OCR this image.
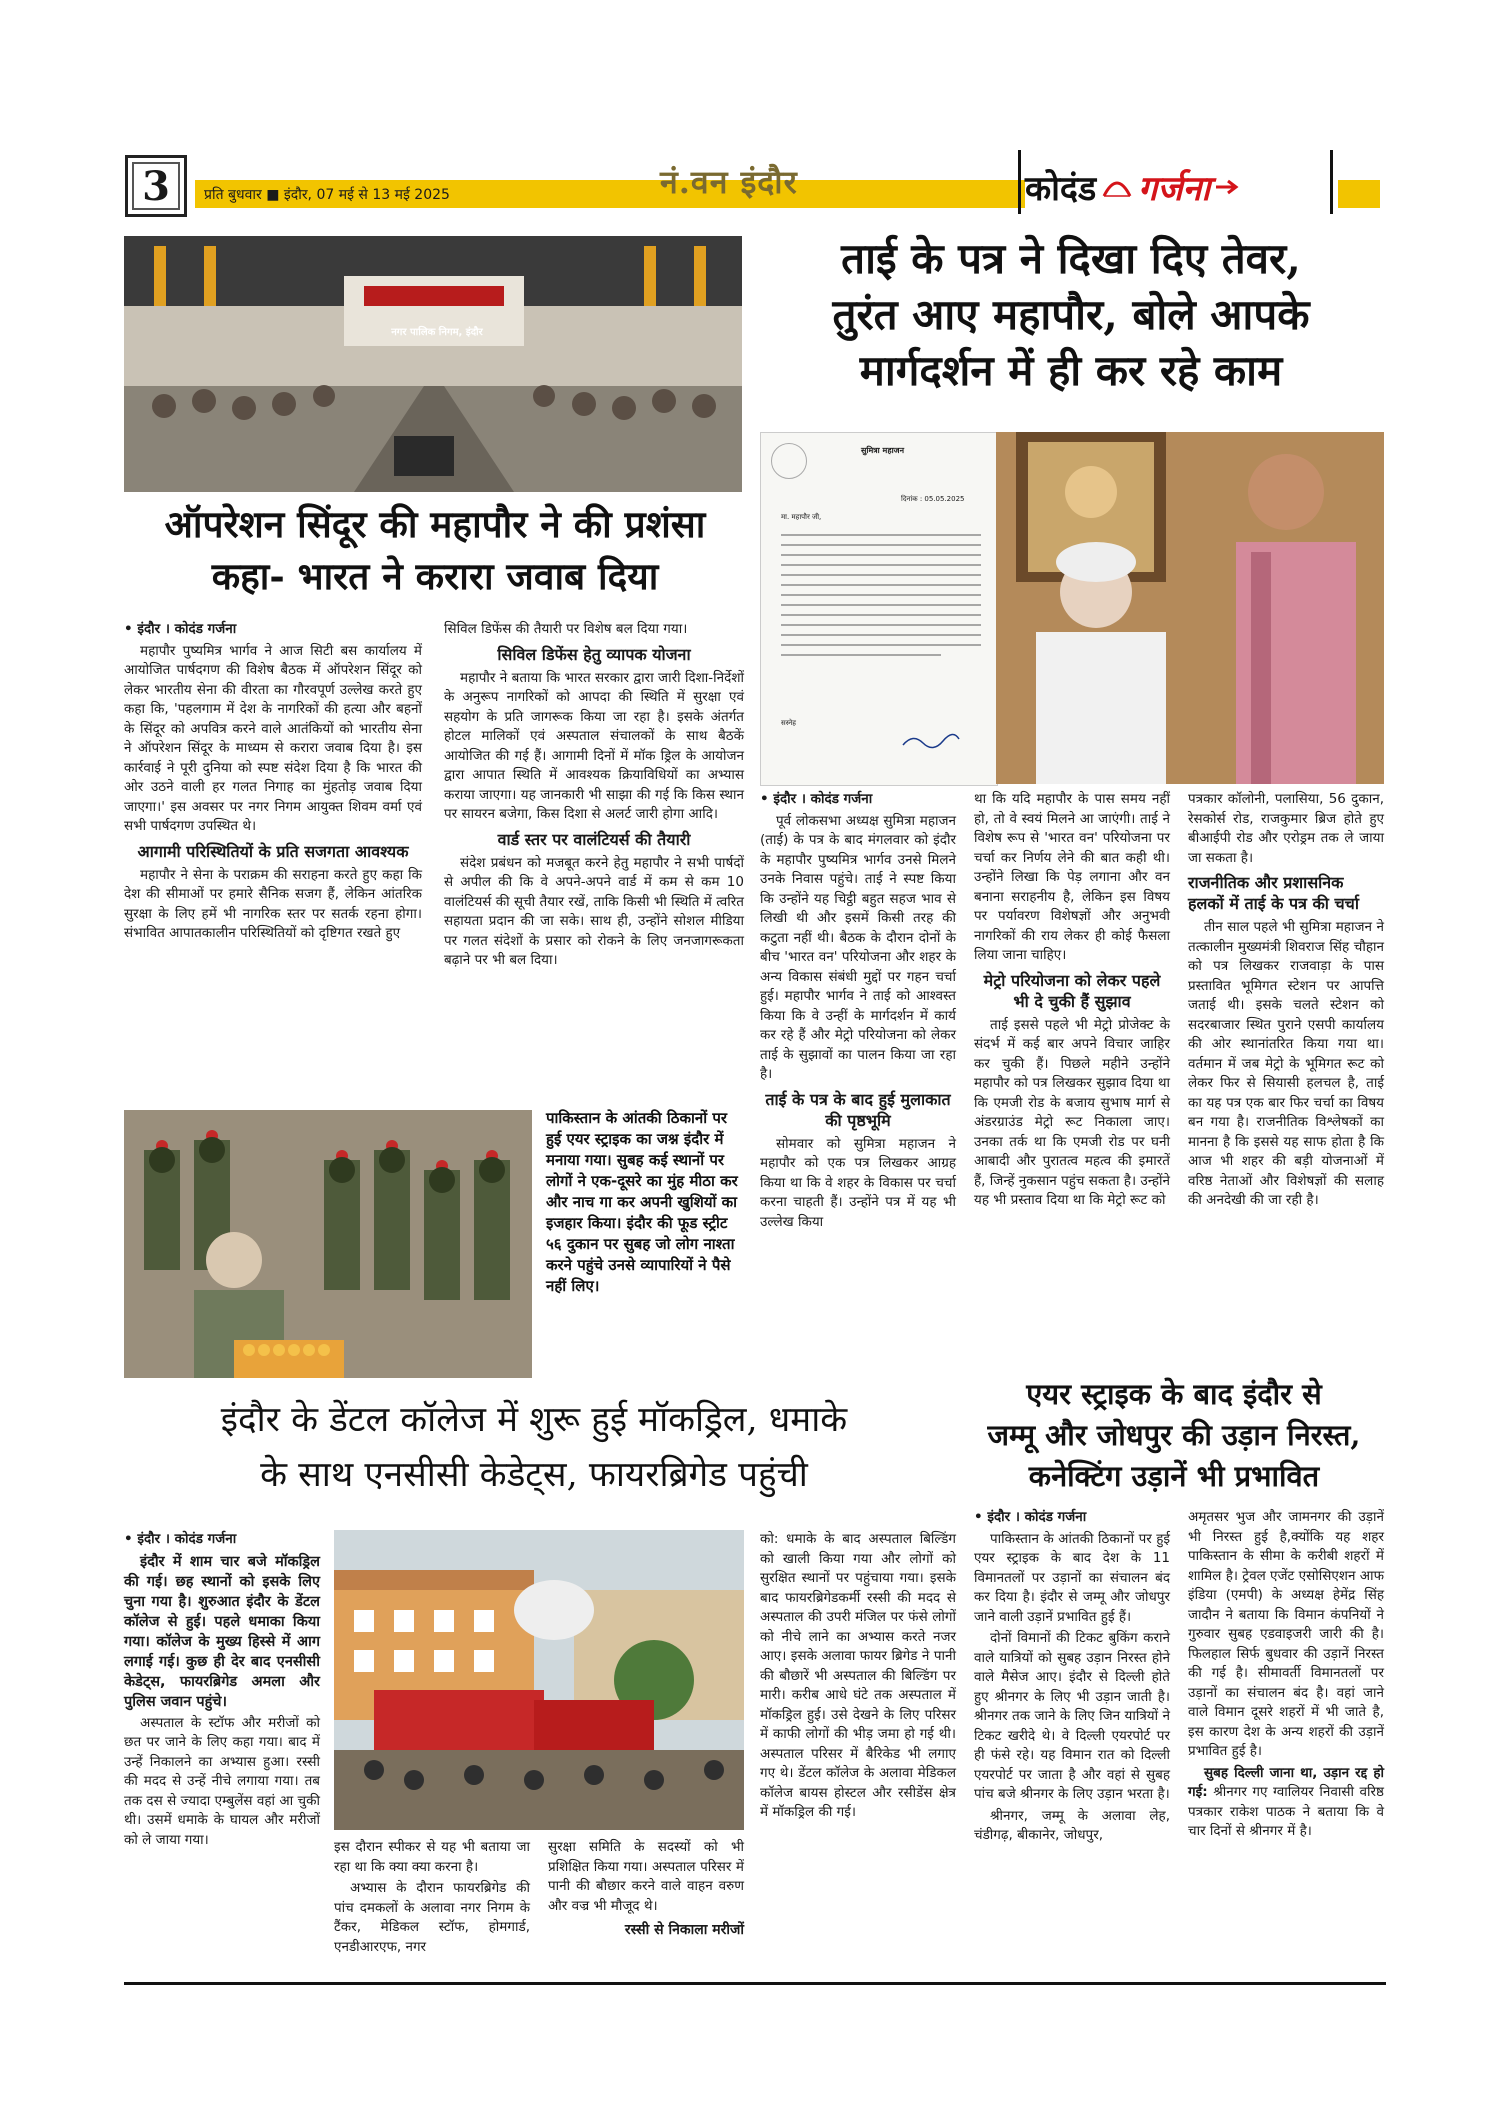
3	प्रति बुधवार ■ इंदौर, 07 मई से 13 मई 2025	नं.वन इंदौर	कोदंड गर्जना
नगर पालिक निगम, इंदौर
ऑपरेशन सिंदूर की महापौर ने की प्रशंसा
कहा- भारत ने करारा जवाब दिया

• इंदौर । कोदंड गर्जना

महापौर पुष्यमित्र भार्गव ने आज सिटी बस कार्यालय में आयोजित पार्षदगण की विशेष बैठक में ऑपरेशन सिंदूर को लेकर भारतीय सेना की वीरता का गौरवपूर्ण उल्लेख करते हुए कहा कि, 'पहलगाम में देश के नागरिकों की हत्या और बहनों के सिंदूर को अपवित्र करने वाले आतंकियों को भारतीय सेना ने ऑपरेशन सिंदूर के माध्यम से करारा जवाब दिया है। इस कार्रवाई ने पूरी दुनिया को स्पष्ट संदेश दिया है कि भारत की ओर उठने वाली हर गलत निगाह का मुंहतोड़ जवाब दिया जाएगा।' इस अवसर पर नगर निगम आयुक्त शिवम वर्मा एवं सभी पार्षदगण उपस्थित थे।

आगामी परिस्थितियों के प्रति सजगता आवश्यक

महापौर ने सेना के पराक्रम की सराहना करते हुए कहा कि देश की सीमाओं पर हमारे सैनिक सजग हैं, लेकिन आंतरिक सुरक्षा के लिए हमें भी नागरिक स्तर पर सतर्क रहना होगा। संभावित आपातकालीन परिस्थितियों को दृष्टिगत रखते हुए

सिविल डिफेंस की तैयारी पर विशेष बल दिया गया।

सिविल डिफेंस हेतु व्यापक योजना

महापौर ने बताया कि भारत सरकार द्वारा जारी दिशा-निर्देशों के अनुरूप नागरिकों को आपदा की स्थिति में सुरक्षा एवं सहयोग के प्रति जागरूक किया जा रहा है। इसके अंतर्गत होटल मालिकों एवं अस्पताल संचालकों के साथ बैठकें आयोजित की गई हैं। आगामी दिनों में मॉक ड्रिल के आयोजन द्वारा आपात स्थिति में आवश्यक क्रियाविधियों का अभ्यास कराया जाएगा। यह जानकारी भी साझा की गई कि किस स्थान पर सायरन बजेगा, किस दिशा से अलर्ट जारी होगा आदि।

वार्ड स्तर पर वालंटियर्स की तैयारी

संदेश प्रबंधन को मजबूत करने हेतु महापौर ने सभी पार्षदों से अपील की कि वे अपने-अपने वार्ड में कम से कम 10 वालंटियर्स की सूची तैयार रखें, ताकि किसी भी स्थिति में त्वरित सहायता प्रदान की जा सके। साथ ही, उन्होंने सोशल मीडिया पर गलत संदेशों के प्रसार को रोकने के लिए जनजागरूकता बढ़ाने पर भी बल दिया।

पाकिस्तान के आंतकी ठिकानों पर हुई एयर स्ट्राइक का जश्न इंदौर में मनाया गया। सुबह कई स्थानों पर लोगों ने एक-दूसरे का मुंह मीठा कर और नाच गा कर अपनी खुशियों का इजहार किया। इंदौर की फूड स्ट्रीट ५६ दुकान पर सुबह जो लोग नाश्ता करने पहुंचे उनसे व्यापारियों ने पैसे नहीं लिए।
ताई के पत्र ने दिखा दिए तेवर,
तुरंत आए महापौर, बोले आपके
मार्गदर्शन में ही कर रहे काम
सुमित्रा महाजन
दिनांक : 05.05.2025
मा. महापौर जी,
सस्नेह

• इंदौर । कोदंड गर्जना

पूर्व लोकसभा अध्यक्ष सुमित्रा महाजन (ताई) के पत्र के बाद मंगलवार को इंदौर के महापौर पुष्यमित्र भार्गव उनसे मिलने उनके निवास पहुंचे। ताई ने स्पष्ट किया कि उन्होंने यह चिट्ठी बहुत सहज भाव से लिखी थी और इसमें किसी तरह की कटुता नहीं थी। बैठक के दौरान दोनों के बीच 'भारत वन' परियोजना और शहर के अन्य विकास संबंधी मुद्दों पर गहन चर्चा हुई। महापौर भार्गव ने ताई को आश्वस्त किया कि वे उन्हीं के मार्गदर्शन में कार्य कर रहे हैं और मेट्रो परियोजना को लेकर ताई के सुझावों का पालन किया जा रहा है।

ताई के पत्र के बाद हुई मुलाकात की पृष्ठभूमि

सोमवार को सुमित्रा महाजन ने महापौर को एक पत्र लिखकर आग्रह किया था कि वे शहर के विकास पर चर्चा करना चाहती हैं। उन्होंने पत्र में यह भी उल्लेख किया

था कि यदि महापौर के पास समय नहीं हो, तो वे स्वयं मिलने आ जाएंगी। ताई ने विशेष रूप से 'भारत वन' परियोजना पर चर्चा कर निर्णय लेने की बात कही थी। उन्होंने लिखा कि पेड़ लगाना और वन बनाना सराहनीय है, लेकिन इस विषय पर पर्यावरण विशेषज्ञों और अनुभवी नागरिकों की राय लेकर ही कोई फैसला लिया जाना चाहिए।

मेट्रो परियोजना को लेकर पहले भी दे चुकी हैं सुझाव

ताई इससे पहले भी मेट्रो प्रोजेक्ट के संदर्भ में कई बार अपने विचार जाहिर कर चुकी हैं। पिछले महीने उन्होंने महापौर को पत्र लिखकर सुझाव दिया था कि एमजी रोड के बजाय सुभाष मार्ग से अंडरग्राउंड मेट्रो रूट निकाला जाए। उनका तर्क था कि एमजी रोड पर घनी आबादी और पुरातत्व महत्व की इमारतें हैं, जिन्हें नुकसान पहुंच सकता है। उन्होंने यह भी प्रस्ताव दिया था कि मेट्रो रूट को

पत्रकार कॉलोनी, पलासिया, 56 दुकान, रेसकोर्स रोड, राजकुमार ब्रिज होते हुए बीआईपी रोड और एरोड्रम तक ले जाया जा सकता है।

राजनीतिक और प्रशासनिक हलकों में ताई के पत्र की चर्चा

तीन साल पहले भी सुमित्रा महाजन ने तत्कालीन मुख्यमंत्री शिवराज सिंह चौहान को पत्र लिखकर राजवाड़ा के पास प्रस्तावित भूमिगत स्टेशन पर आपत्ति जताई थी। इसके चलते स्टेशन को सदरबाजार स्थित पुराने एसपी कार्यालय की ओर स्थानांतरित किया गया था। वर्तमान में जब मेट्रो के भूमिगत रूट को लेकर फिर से सियासी हलचल है, ताई का यह पत्र एक बार फिर चर्चा का विषय बन गया है। राजनीतिक विश्लेषकों का मानना है कि इससे यह साफ होता है कि आज भी शहर की बड़ी योजनाओं में वरिष्ठ नेताओं और विशेषज्ञों की सलाह की अनदेखी की जा रही है।

इंदौर के डेंटल कॉलेज में शुरू हुई मॉकड्रिल, धमाके
के साथ एनसीसी केडेट्स, फायरब्रिगेड पहुंची

• इंदौर । कोदंड गर्जना

इंदौर में शाम चार बजे मॉकड्रिल की गई। छह स्थानों को इसके लिए चुना गया है। शुरुआत इंदौर के डेंटल कॉलेज से हुई। पहले धमाका किया गया। कॉलेज के मुख्य हिस्से में आग लगाई गई। कुछ ही देर बाद एनसीसी केडेट्स, फायरब्रिगेड अमला और पुलिस जवान पहुंचे।

अस्पताल के स्टॉफ और मरीजों को छत पर जाने के लिए कहा गया। बाद में उन्हें निकालने का अभ्यास हुआ। रस्सी की मदद से उन्हें नीचे लगाया गया। तब तक दस से ज्यादा एम्बुलेंस वहां आ चुकी थी। उसमें धमाके के घायल और मरीजों को ले जाया गया।	इस दौरान स्पीकर से यह भी बताया जा रहा था कि क्या क्या करना है।

अभ्यास के दौरान फायरब्रिगेड की पांच दमकलों के अलावा नगर निगम के टैंकर, मेडिकल स्टॉफ, होमगार्ड, एनडीआरएफ, नगर

सुरक्षा समिति के सदस्यों को भी प्रशिक्षित किया गया। अस्पताल परिसर में पानी की बौछार करने वाले वाहन वरुण और वज्र भी मौजूद थे।

रस्सी से निकाला मरीजों

को: धमाके के बाद अस्पताल बिल्डिंग को खाली किया गया और लोगों को सुरक्षित स्थानों पर पहुंचाया गया। इसके बाद फायरब्रिगेडकर्मी रस्सी की मदद से अस्पताल की उपरी मंजिल पर फंसे लोगों को नीचे लाने का अभ्यास करते नजर आए। इसके अलावा फायर ब्रिगेड ने पानी की बौछारें भी अस्पताल की बिल्डिंग पर मारी। करीब आधे घंटे तक अस्पताल में मॉकड्रिल हुई। उसे देखने के लिए परिसर में काफी लोगों की भीड़ जमा हो गई थी। अस्पताल परिसर में बैरिकेड भी लगाए गए थे। डेंटल कॉलेज के अलावा मेडिकल कॉलेज बायस होस्टल और रसीडेंस क्षेत्र में मॉकड्रिल की गई।

एयर स्ट्राइक के बाद इंदौर से
जम्मू और जोधपुर की उड़ान निरस्त,
कनेक्टिंग उड़ानें भी प्रभावित

• इंदौर । कोदंड गर्जना

पाकिस्तान के आंतकी ठिकानों पर हुई एयर स्ट्राइक के बाद देश के 11 विमानतलों पर उड़ानों का संचालन बंद कर दिया है। इंदौर से जम्मू और जोधपुर जाने वाली उड़ानें प्रभावित हुई हैं।

दोनों विमानों की टिकट बुकिंग कराने वाले यात्रियों को सुबह उड़ान निरस्त होने वाले मैसेज आए। इंदौर से दिल्ली होते हुए श्रीनगर के लिए भी उड़ान जाती है। श्रीनगर तक जाने के लिए जिन यात्रियों ने टिकट खरीदे थे। वे दिल्ली एयरपोर्ट पर ही फंसे रहे। यह विमान रात को दिल्ली एयरपोर्ट पर जाता है और वहां से सुबह पांच बजे श्रीनगर के लिए उड़ान भरता है।

श्रीनगर, जम्मू के अलावा लेह, चंडीगढ़, बीकानेर, जोधपुर,

अमृतसर भुज और जामनगर की उड़ानें भी निरस्त हुई है,क्योंकि यह शहर पाकिस्तान के सीमा के करीबी शहरों में शामिल है। ट्रेवल एजेंट एसोसिएशन आफ इंडिया (एमपी) के अध्यक्ष हेमेंद्र सिंह जादौन ने बताया कि विमान कंपनियों ने गुरुवार सुबह एडवाइजरी जारी की है। फिलहाल सिर्फ बुधवार की उड़ानें निरस्त की गई है। सीमावर्ती विमानतलों पर उड़ानों का संचालन बंद है। वहां जाने वाले विमान दूसरे शहरों में भी जाते है, इस कारण देश के अन्य शहरों की उड़ानें प्रभावित हुई है।

सुबह दिल्ली जाना था, उड़ान रद्द हो गई: श्रीनगर गए ग्वालियर निवासी वरिष्ठ पत्रकार राकेश पाठक ने बताया कि वे चार दिनों से श्रीनगर में है।
